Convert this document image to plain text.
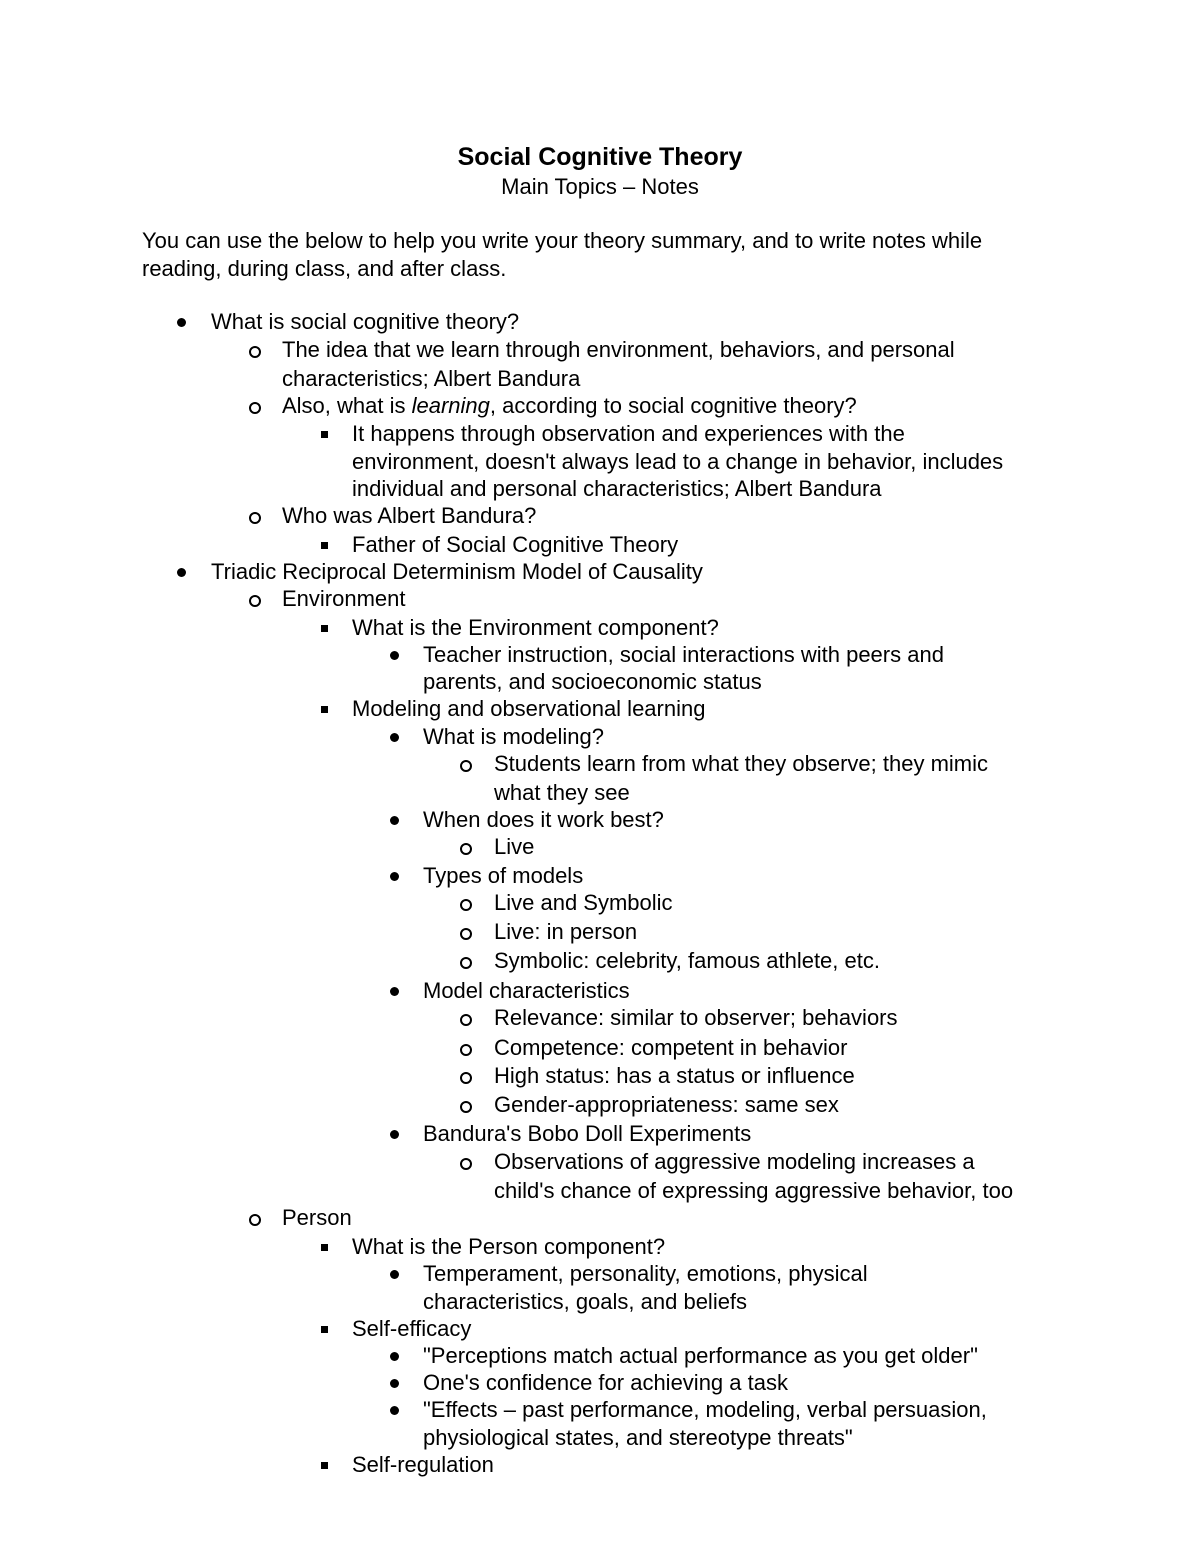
Social Cognitive Theory
Main Topics – Notes
You can use the below to help you write your theory summary, and to write notes while
reading, during class, and after class.
What is social cognitive theory?
The idea that we learn through environment, behaviors, and personal
characteristics; Albert Bandura
Also, what is learning, according to social cognitive theory?
It happens through observation and experiences with the
environment, doesn't always lead to a change in behavior, includes
individual and personal characteristics; Albert Bandura
Who was Albert Bandura?
Father of Social Cognitive Theory
Triadic Reciprocal Determinism Model of Causality
Environment
What is the Environment component?
Teacher instruction, social interactions with peers and
parents, and socioeconomic status
Modeling and observational learning
What is modeling?
Students learn from what they observe; they mimic
what they see
When does it work best?
Live
Types of models
Live and Symbolic
Live: in person
Symbolic: celebrity, famous athlete, etc.
Model characteristics
Relevance: similar to observer; behaviors
Competence: competent in behavior
High status: has a status or influence
Gender-appropriateness: same sex
Bandura's Bobo Doll Experiments
Observations of aggressive modeling increases a
child's chance of expressing aggressive behavior, too
Person
What is the Person component?
Temperament, personality, emotions, physical
characteristics, goals, and beliefs
Self-efficacy
"Perceptions match actual performance as you get older"
One's confidence for achieving a task
"Effects – past performance, modeling, verbal persuasion,
physiological states, and stereotype threats"
Self-regulation
